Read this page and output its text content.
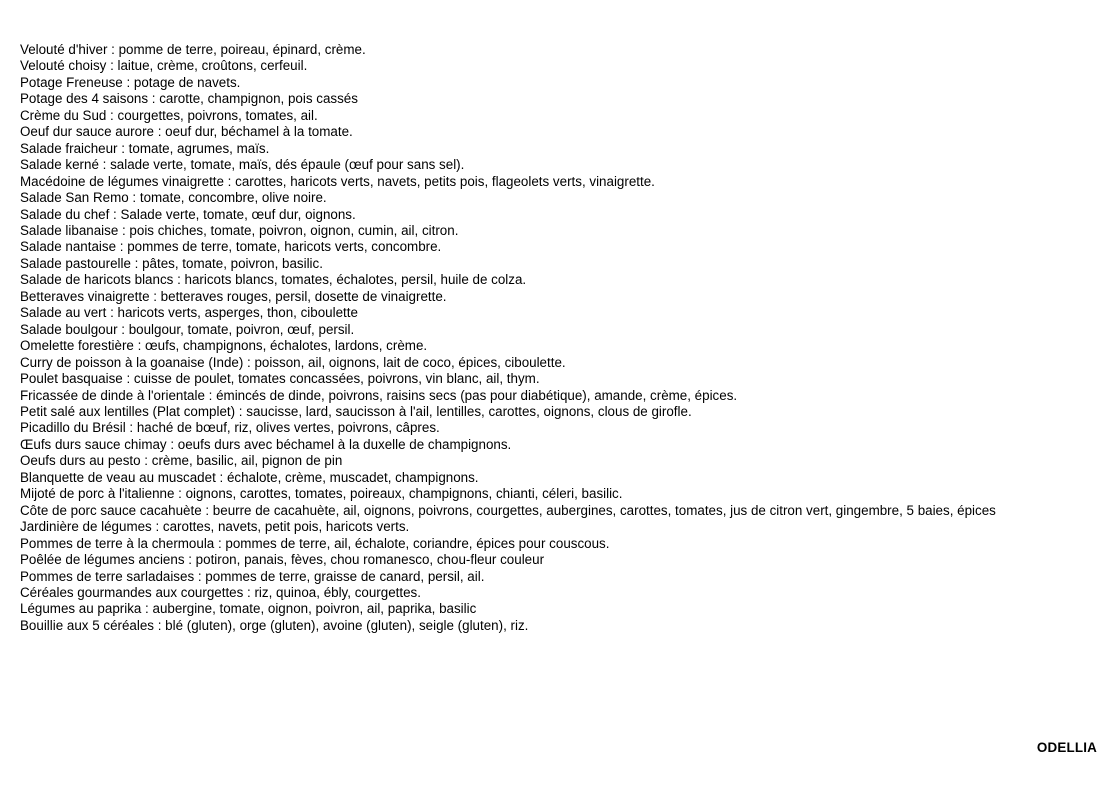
Velouté d'hiver : pomme de terre, poireau, épinard, crème.
Velouté choisy : laitue, crème, croûtons, cerfeuil.
Potage Freneuse : potage de navets.
Potage des 4 saisons : carotte, champignon, pois cassés
Crème du Sud : courgettes, poivrons, tomates, ail.
Oeuf dur sauce aurore : oeuf dur, béchamel à la tomate.
Salade fraicheur : tomate, agrumes, maïs.
Salade kerné : salade verte, tomate, maïs, dés épaule (œuf pour sans sel).
Macédoine de légumes vinaigrette : carottes, haricots verts, navets, petits pois, flageolets verts, vinaigrette.
Salade San Remo : tomate, concombre, olive noire.
Salade du chef : Salade verte, tomate, œuf dur, oignons.
Salade libanaise : pois chiches, tomate, poivron, oignon, cumin, ail, citron.
Salade nantaise : pommes de terre, tomate, haricots verts, concombre.
Salade pastourelle : pâtes, tomate, poivron, basilic.
Salade de haricots blancs : haricots blancs, tomates, échalotes, persil, huile de colza.
Betteraves vinaigrette : betteraves rouges, persil, dosette de vinaigrette.
Salade au vert : haricots verts, asperges, thon, ciboulette
Salade boulgour : boulgour, tomate, poivron, œuf, persil.
Omelette forestière : œufs, champignons, échalotes, lardons, crème.
Curry de poisson à la goanaise (Inde) : poisson, ail, oignons, lait de coco, épices, ciboulette.
Poulet basquaise : cuisse de poulet, tomates concassées, poivrons, vin blanc, ail, thym.
Fricassée de dinde à l'orientale : émincés de dinde, poivrons, raisins secs (pas pour diabétique), amande, crème, épices.
Petit salé aux lentilles (Plat complet) : saucisse, lard, saucisson à l'ail, lentilles, carottes, oignons, clous de girofle.
Picadillo du Brésil : haché de bœuf, riz, olives vertes, poivrons, câpres.
Œufs durs sauce chimay : oeufs durs avec béchamel à la duxelle de champignons.
Oeufs durs au pesto : crème, basilic, ail, pignon de pin
Blanquette de veau au muscadet : échalote, crème, muscadet, champignons.
Mijoté de porc à l'italienne : oignons, carottes, tomates, poireaux, champignons, chianti, céleri, basilic.
Côte de porc sauce cacahuète : beurre de cacahuète, ail, oignons, poivrons, courgettes, aubergines, carottes, tomates, jus de citron vert, gingembre, 5 baies, épices
Jardinière de légumes : carottes, navets, petit pois, haricots verts.
Pommes de terre à la chermoula : pommes de terre, ail, échalote, coriandre, épices pour couscous.
Poêlée de légumes anciens : potiron, panais, fèves, chou romanesco, chou-fleur couleur
Pommes de terre sarladaises : pommes de terre, graisse de canard, persil, ail.
Céréales gourmandes aux courgettes : riz, quinoa, ébly, courgettes.
Légumes au paprika : aubergine, tomate, oignon, poivron, ail, paprika, basilic
Bouillie aux 5 céréales : blé (gluten), orge (gluten), avoine (gluten), seigle (gluten), riz.
ODELLIA
